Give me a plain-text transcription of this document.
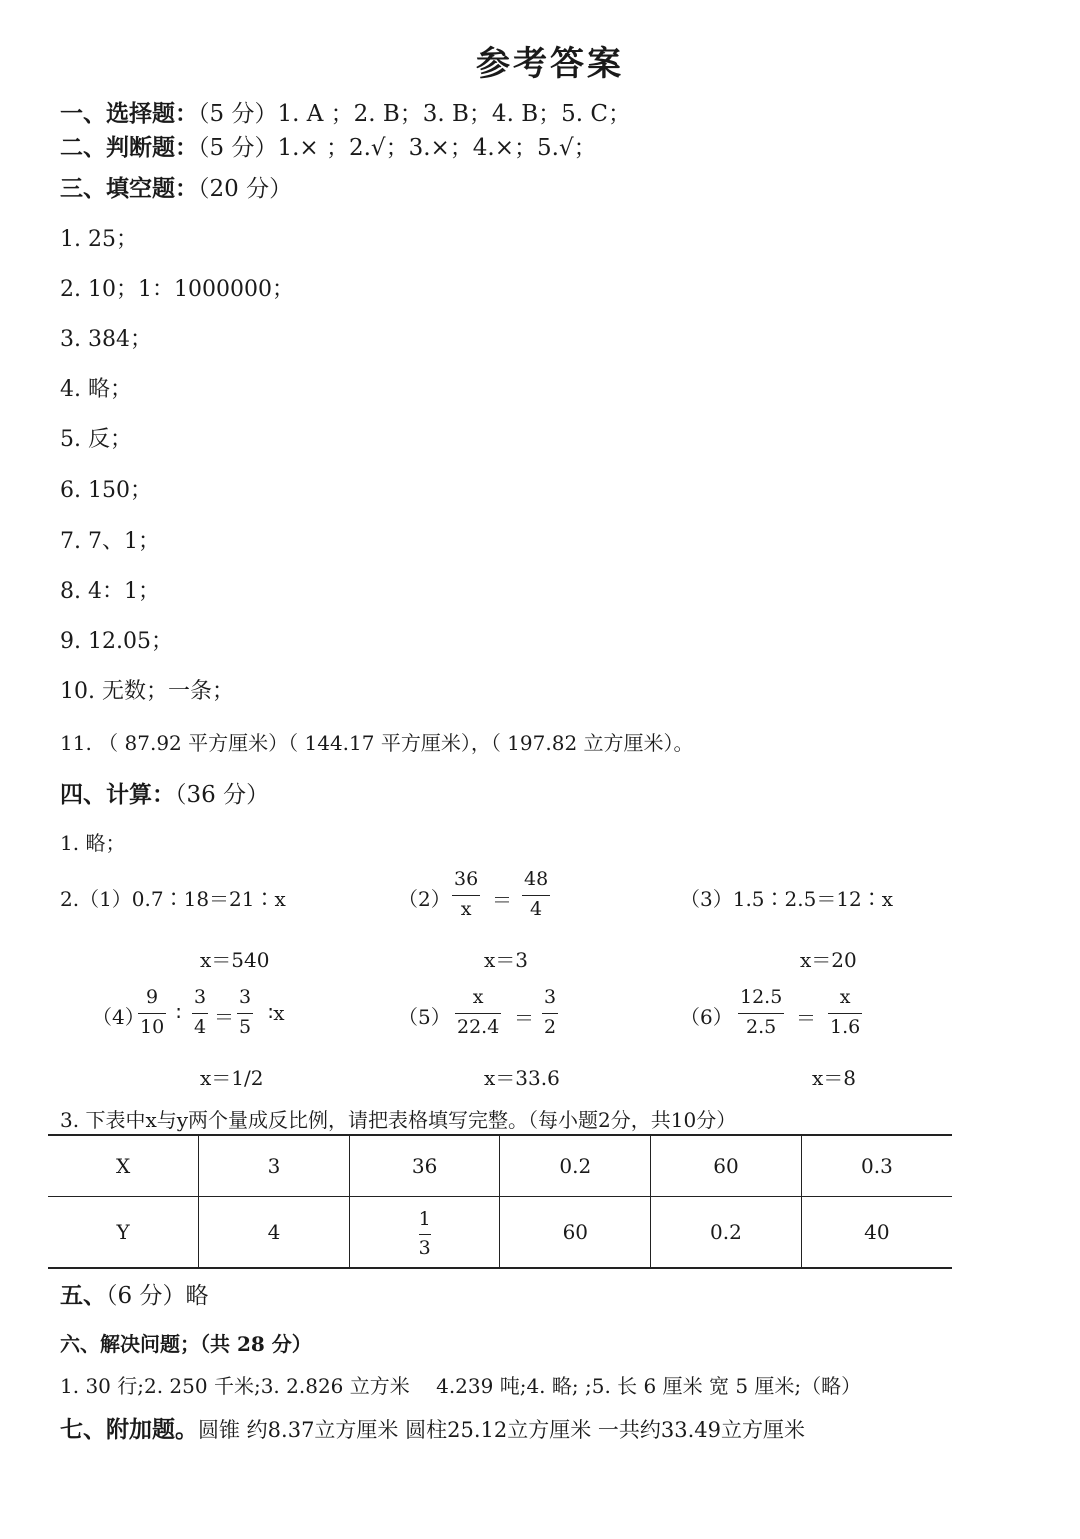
参考答案
一、选择题：（5 分）1. A ；2. B；3. B；4. B；5. C；
二、判断题：（5 分）1.× ；2.√；3.×；4.×；5.√；
三、填空题：（20 分）
1. 25；
2. 10；1：1000000；
3. 384；
4. 略；
5. 反；
6. 150；
7. 7、1；
8. 4：1；
9. 12.05；
10. 无数；一条；
11. （ 87.92 平方厘米）（ 144.17 平方厘米），（ 197.82 立方厘米）。
四、计算：（36 分）
1. 略；
2.（1）0.7∶18＝21∶x
x＝540
（2）
36
x ＝
48
4
x＝3
（3）1.5∶2.5＝12∶x
x＝20
（4）
9
10
∶
3
4 ＝
3
5
∶x
x＝1/2
（5）
x
22.4 ＝
3
2
x＝33.6
（6）
12.5
2.5 ＝
x
1.6
x＝8
3. 下表中x与y两个量成反比例，请把表格填写完整。（每小题2分，共10分）
X	3	36	0.2	60	0.3
Y	4	$\frac{1}{3}$	60	0.2	40
五、（6 分）略
六、解决问题；（共 28 分）
1. 30 行;2. 250 千米;3. 2.826 立方米　 4.239 吨;4. 略; ;5. 长 6 厘米 宽 5 厘米;（略）
七、附加题。圆锥 约8.37立方厘米 圆柱25.12立方厘米 一共约33.49立方厘米
